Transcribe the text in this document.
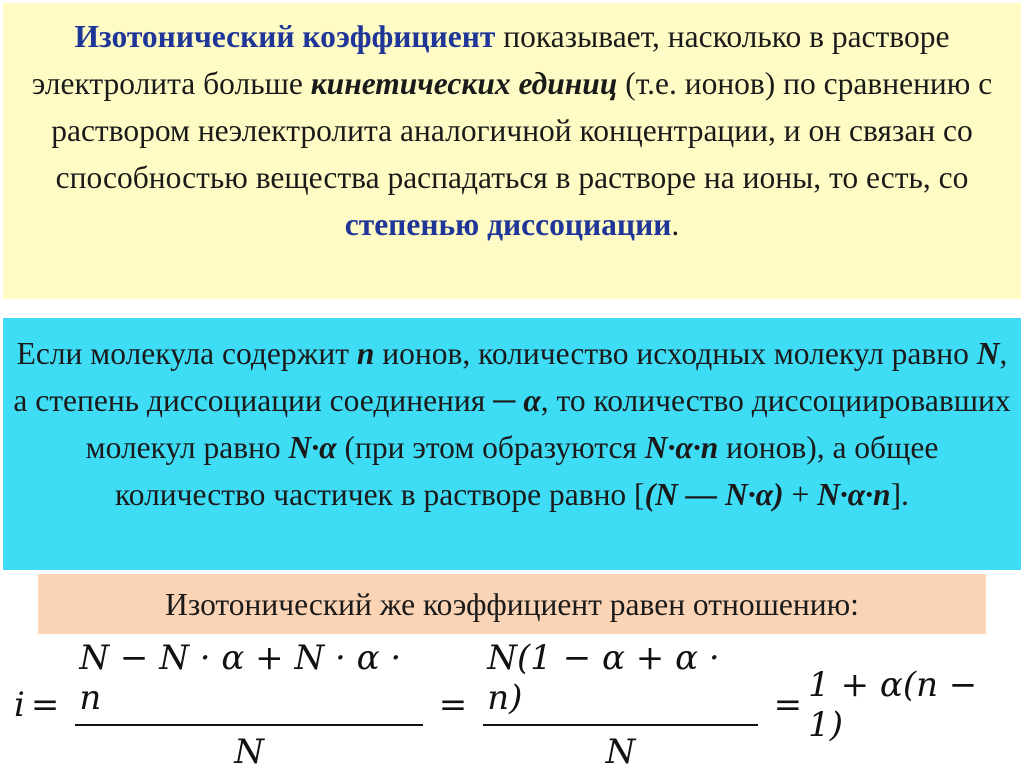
Изотонический коэффициент показывает, насколько в растворе электролита больше кинетических единиц (т.е. ионов) по сравнению с раствором неэлектролита аналогичной концентрации, и он связан со способностью вещества распадаться в растворе на ионы, то есть, со степенью диссоциации.
Если молекула содержит n ионов, количество исходных молекул равно N, а степень диссоциации соединения ─ α, то количество диссоциировавших молекул равно N·α (при этом образуются N·α·n ионов), а общее количество частичек в растворе равно [(N — N·α) + N·α·n].
Изотонический же коэффициент равен отношению:
$i = \frac{N - N \cdot \alpha + N \cdot \alpha \cdot n}{N} = \frac{N(1 - \alpha + \alpha \cdot n)}{N} = 1 + \alpha(n - 1)$
